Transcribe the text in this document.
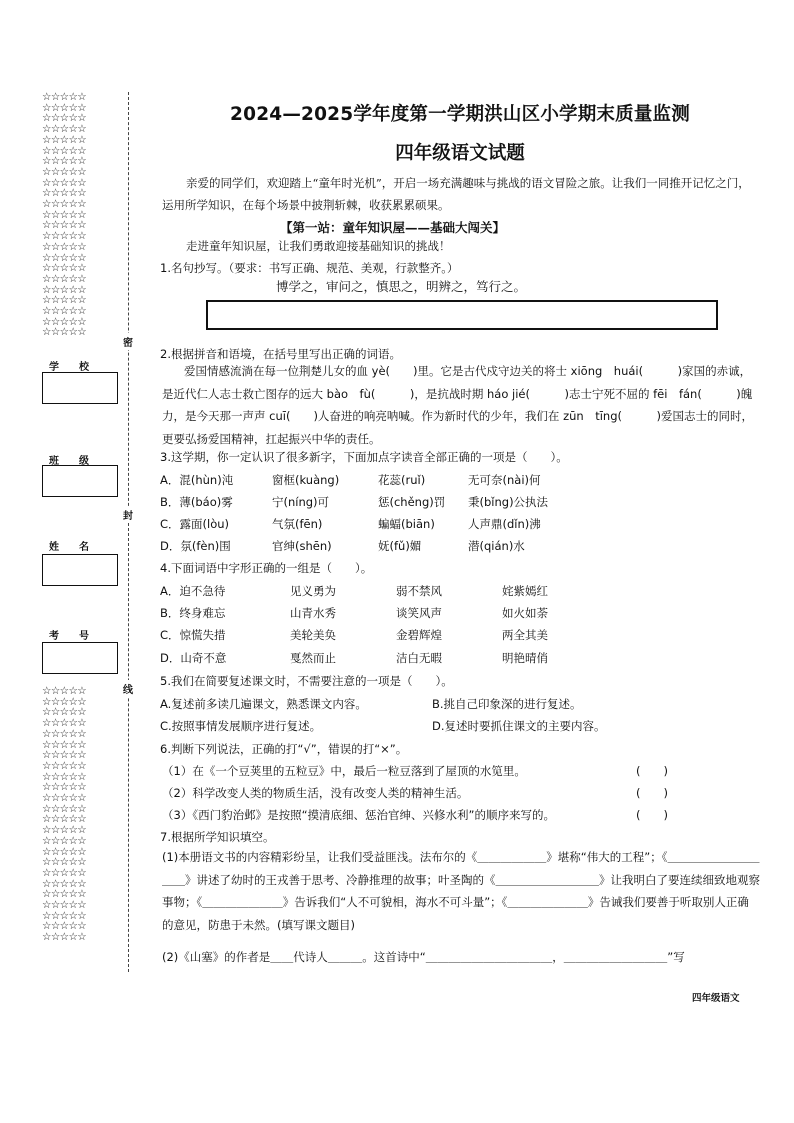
☆☆☆☆☆
☆☆☆☆☆
☆☆☆☆☆
☆☆☆☆☆
☆☆☆☆☆
☆☆☆☆☆
☆☆☆☆☆
☆☆☆☆☆
☆☆☆☆☆
☆☆☆☆☆
☆☆☆☆☆
☆☆☆☆☆
☆☆☆☆☆
☆☆☆☆☆
☆☆☆☆☆
☆☆☆☆☆
☆☆☆☆☆
☆☆☆☆☆
☆☆☆☆☆
☆☆☆☆☆
☆☆☆☆☆
☆☆☆☆☆
☆☆☆☆☆
☆☆☆☆☆
☆☆☆☆☆
☆☆☆☆☆
☆☆☆☆☆
☆☆☆☆☆
☆☆☆☆☆
☆☆☆☆☆
☆☆☆☆☆
☆☆☆☆☆
☆☆☆☆☆
☆☆☆☆☆
☆☆☆☆☆
☆☆☆☆☆
☆☆☆☆☆
☆☆☆☆☆
☆☆☆☆☆
☆☆☆☆☆
☆☆☆☆☆
☆☆☆☆☆
☆☆☆☆☆
☆☆☆☆☆
☆☆☆☆☆
☆☆☆☆☆
☆☆☆☆☆
密
封
线
学校
班级
姓名
考号
2024—2025学年度第一学期洪山区小学期末质量监测
四年级语文试题
亲爱的同学们，欢迎踏上“童年时光机”，开启一场充满趣味与挑战的语文冒险之旅。让我们一同推开记忆之门，运用所学知识，在每个场景中披荆斩棘，收获累累硕果。
【第一站：童年知识屋——基础大闯关】
走进童年知识屋，让我们勇敢迎接基础知识的挑战！
1.名句抄写。（要求：书写正确、规范、美观，行款整齐。）
博学之，审问之，慎思之，明辨之，笃行之。
2.根据拼音和语境，在括号里写出正确的词语。
爱国情感流淌在每一位荆楚儿女的血 yè(　　)里。它是古代戍守边关的将士 xiōng　huái(　　　)家国的赤诚，是近代仁人志士救亡图存的远大 bào　fù(　　　)，是抗战时期 háo jié(　　　)志士宁死不屈的 fēi　fán(　　　)魄力，是今天那一声声 cuī(　　)人奋进的响亮呐喊。作为新时代的少年，我们在 zūn　tīng(　　　)爱国志士的同时，更要弘扬爱国精神，扛起振兴中华的责任。
3.这学期，你一定认识了很多新字，下面加点字读音全部正确的一项是（　　）。
A．混(hùn)沌	窗框(kuàng)	花蕊(ruǐ)	无可奈(nài)何
B．薄(báo)雾	宁(níng)可	惩(chěng)罚 秉(bǐng)公执法
C．露面(lòu)	气氛(fēn)	蝙蝠(biān)	人声鼎(dǐn)沸
D．氛(fèn)围	官绅(shēn)	妩(fǔ)媚	潜(qián)水
4.下面词语中字形正确的一组是（　　）。
A．迫不急待	见义勇为	弱不禁风	姹紫嫣红
B．终身难忘	山青水秀	谈笑风声	如火如荼
C．惊慌失措	美轮美奂	金碧辉煌	两全其美
D．山奇不意	戛然而止	洁白无暇	明艳晴俏
5.我们在简要复述课文时，不需要注意的一项是（　　）。
A.复述前多读几遍课文，熟悉课文内容。	B.挑自己印象深的进行复述。
C.按照事情发展顺序进行复述。	D.复述时要抓住课文的主要内容。
6.判断下列说法，正确的打“√”，错误的打“×”。
（1）在《一个豆荚里的五粒豆》中，最后一粒豆落到了屋顶的水笕里。	(　　)
（2）科学改变人类的物质生活，没有改变人类的精神生活。	(　　)
（3）《西门豹治邺》是按照“摸清底细、惩治官绅、兴修水利”的顺序来写的。	(　　)
7.根据所学知识填空。
(1)本册语文书的内容精彩纷呈，让我们受益匪浅。法布尔的《＿＿＿＿＿＿》堪称“伟大的工程”；《＿＿＿＿＿＿＿＿＿＿》讲述了幼时的王戎善于思考、冷静推理的故事；叶圣陶的《＿＿＿＿＿＿＿＿＿》让我明白了要连续细致地观察事物；《＿＿＿＿＿＿＿》告诉我们“人不可貌相，海水不可斗量”；《＿＿＿＿＿＿＿》告诫我们要善于听取别人正确的意见，防患于未然。(填写课文题目)
(2)《山塞》的作者是＿＿代诗人＿＿＿。这首诗中“＿＿＿＿＿＿＿＿＿＿＿，＿＿＿＿＿＿＿＿＿”写
四年级语文
